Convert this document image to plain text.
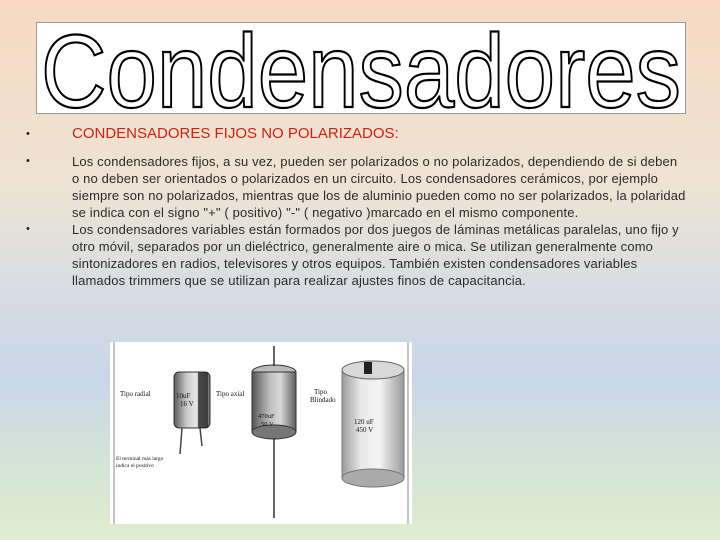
Condensadores
•	CONDENSADORES FIJOS NO POLARIZADOS:
•	Los condensadores fijos, a su vez, pueden ser polarizados o no polarizados, dependiendo de si deben o no deben ser orientados o polarizados en un circuito. Los condensadores cerámicos, por ejemplo siempre son no polarizados, mientras que los de aluminio pueden como no ser polarizados, la polaridad se indica con el signo "+" ( positivo) "-" ( negativo )marcado en el mismo componente.
•	Los condensadores variables están formados por dos juegos de láminas metálicas paralelas, uno fijo y otro móvil, separados por un dieléctrico, generalmente aire o mica. Se utilizan generalmente como sintonizadores en radios, televisores y otros equipos. También existen condensadores variables llamados trimmers que se utilizan para realizar ajustes finos de capacitancia.
10uF
16 V
Tipo radial
470uF
50 V
Tipo axial
120 uF
450 V
Tipo
Blindado
El terminal más largo
indica el positivo
